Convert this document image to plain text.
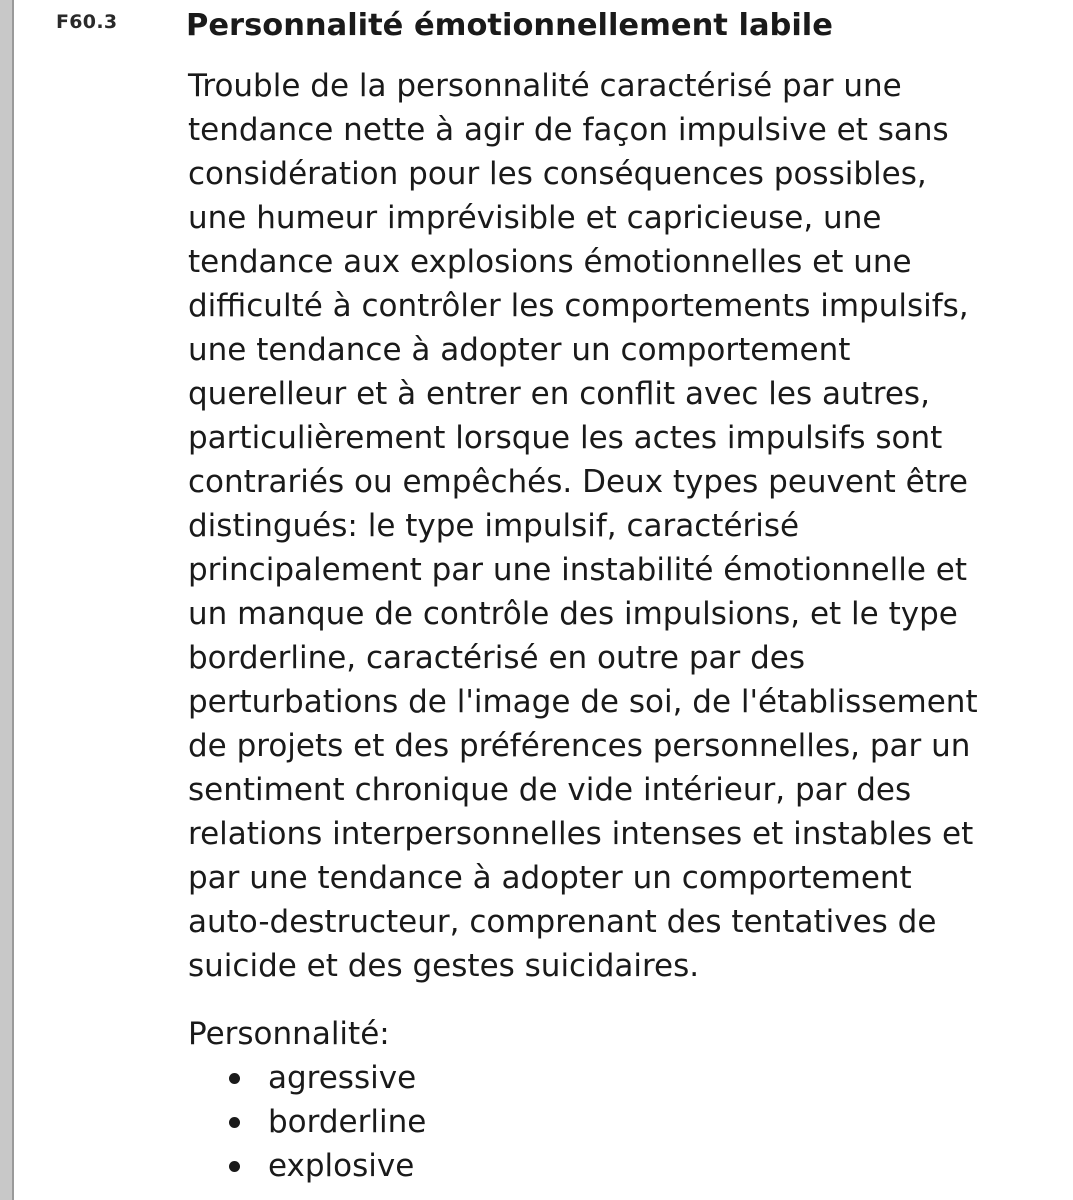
F60.3 Personnalité émotionnellement labile

Trouble de la personnalité caractérisé par une
tendance nette à agir de façon impulsive et sans
considération pour les conséquences possibles,
une humeur imprévisible et capricieuse, une
tendance aux explosions émotionnelles et une
difficulté à contrôler les comportements impulsifs,
une tendance à adopter un comportement
querelleur et à entrer en conflit avec les autres,
particulièrement lorsque les actes impulsifs sont
contrariés ou empêchés. Deux types peuvent être
distingués: le type impulsif, caractérisé
principalement par une instabilité émotionnelle et
un manque de contrôle des impulsions, et le type
borderline, caractérisé en outre par des
perturbations de l'image de soi, de l'établissement
de projets et des préférences personnelles, par un
sentiment chronique de vide intérieur, par des
relations interpersonnelles intenses et instables et
par une tendance à adopter un comportement
auto-destructeur, comprenant des tentatives de
suicide et des gestes suicidaires.

Personnalité:

agressive
borderline
explosive
